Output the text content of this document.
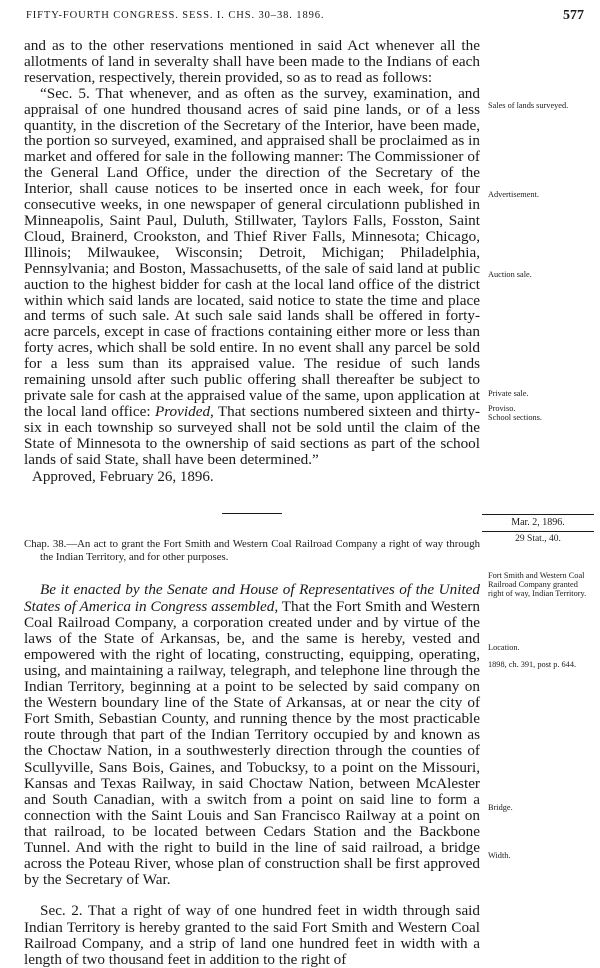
FIFTY-FOURTH CONGRESS. SESS. I. CHS. 30–38. 1896.	577

and as to the other reservations mentioned in said Act whenever all the allotments of land in severalty shall have been made to the Indians of each reservation, respectively, therein provided, so as to read as follows:

“Sec. 5. That whenever, and as often as the survey, examination, and appraisal of one hundred thousand acres of said pine lands, or of a less quantity, in the discretion of the Secretary of the Interior, have been made, the portion so surveyed, examined, and appraised shall be proclaimed as in market and offered for sale in the following manner: The Commissioner of the General Land Office, under the direction of the Secretary of the Interior, shall cause notices to be inserted once in each week, for four consecutive weeks, in one newspaper of general circulationn published in Minneapolis, Saint Paul, Duluth, Stillwater, Taylors Falls, Fosston, Saint Cloud, Brainerd, Crookston, and Thief River Falls, Minnesota; Chicago, Illinois; Milwaukee, Wisconsin; Detroit, Michigan; Philadelphia, Pennsylvania; and Boston, Massachusetts, of the sale of said land at public auction to the highest bidder for cash at the local land office of the district within which said lands are located, said notice to state the time and place and terms of such sale. At such sale said lands shall be offered in forty-acre parcels, except in case of fractions containing either more or less than forty acres, which shall be sold entire. In no event shall any parcel be sold for a less sum than its appraised value. The residue of such lands remaining unsold after such public offering shall thereafter be subject to private sale for cash at the appraised value of the same, upon application at the local land office: Provided, That sections numbered sixteen and thirty-six in each township so surveyed shall not be sold until the claim of the State of Minnesota to the ownership of said sections as part of the school lands of said State, shall have been determined.”

Approved, February 26, 1896.
Chap. 38.—An act to grant the Fort Smith and Western Coal Railroad Company a right of way through the Indian Territory, and for other purposes.

Be it enacted by the Senate and House of Representatives of the United States of America in Congress assembled, That the Fort Smith and Western Coal Railroad Company, a corporation created under and by virtue of the laws of the State of Arkansas, be, and the same is hereby, vested and empowered with the right of locating, constructing, equipping, operating, using, and maintaining a railway, telegraph, and telephone line through the Indian Territory, beginning at a point to be selected by said company on the Western boundary line of the State of Arkansas, at or near the city of Fort Smith, Sebastian County, and running thence by the most practicable route through that part of the Indian Territory occupied by and known as the Choctaw Nation, in a southwesterly direction through the counties of Scullyville, Sans Bois, Gaines, and Tobucksy, to a point on the Missouri, Kansas and Texas Railway, in said Choctaw Nation, between McAlester and South Canadian, with a switch from a point on said line to form a connection with the Saint Louis and San Francisco Railway at a point on that railroad, to be located between Cedars Station and the Backbone Tunnel. And with the right to build in the line of said railroad, a bridge across the Poteau River, whose plan of construction shall be first approved by the Secretary of War.

Sec. 2. That a right of way of one hundred feet in width through said Indian Territory is hereby granted to the said Fort Smith and Western Coal Railroad Company, and a strip of land one hundred feet in width with a length of two thousand feet in addition to the right of

Sales of lands surveyed.
Advertisement.
Auction sale.
Private sale.
Proviso.
School sections.
Mar. 2, 1896.
29 Stat., 40.
Fort Smith and Western Coal Railroad Company granted right of way, Indian Territory.
Location.
1898, ch. 391, post p. 644.
Bridge.
Width.
